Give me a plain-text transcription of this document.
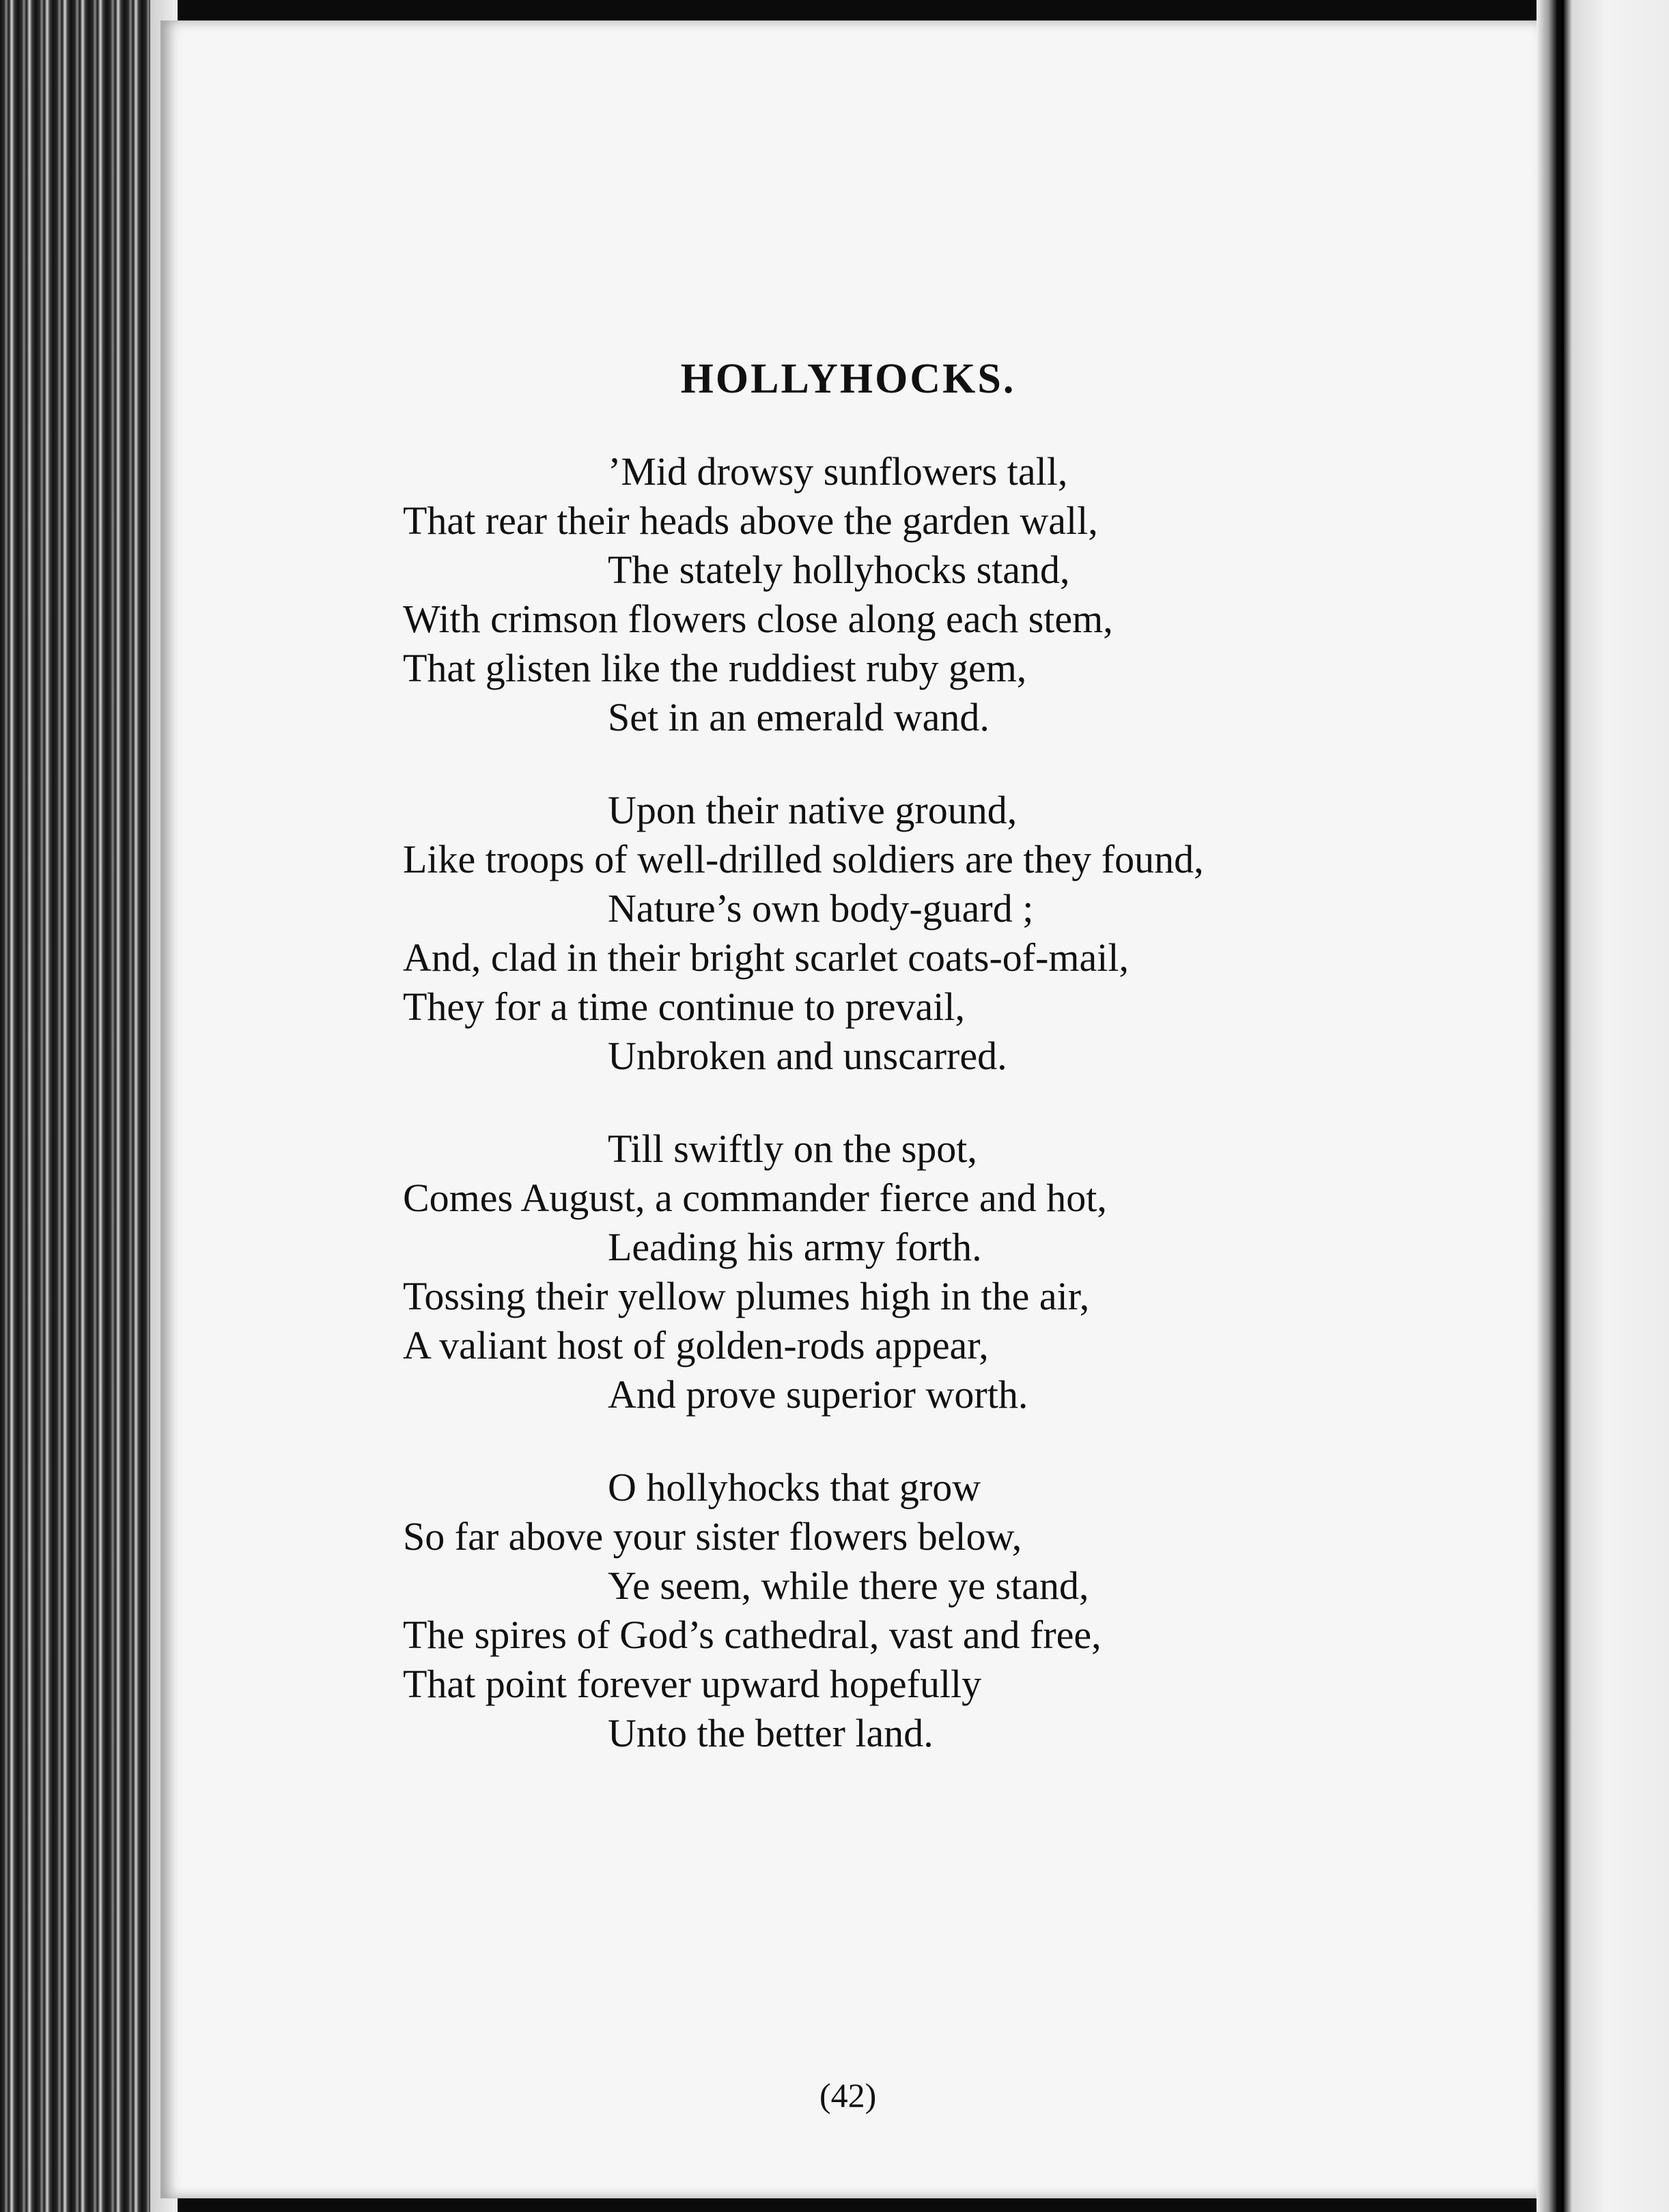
HOLLYHOCKS.
’Mid drowsy sunflowers tall,
That rear their heads above the garden wall,
The stately hollyhocks stand,
With crimson flowers close along each stem,
That glisten like the ruddiest ruby gem,
Set in an emerald wand.
Upon their native ground,
Like troops of well-drilled soldiers are they found,
Nature’s own body-guard ;
And, clad in their bright scarlet coats-of-mail,
They for a time continue to prevail,
Unbroken and unscarred.
Till swiftly on the spot,
Comes August, a commander fierce and hot,
Leading his army forth.
Tossing their yellow plumes high in the air,
A valiant host of golden-rods appear,
And prove superior worth.
O hollyhocks that grow
So far above your sister flowers below,
Ye seem, while there ye stand,
The spires of God’s cathedral, vast and free,
That point forever upward hopefully
Unto the better land.
(42)
